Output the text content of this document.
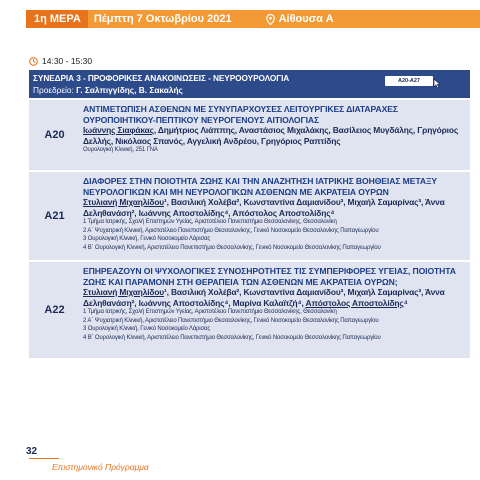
1η ΜΕΡΑ	Πέμπτη 7 Οκτωβρίου 2021	Αίθουσα Α
14:30 - 15:30
ΣΥΝΕΔΡΙΑ 3 - ΠΡΟΦΟΡΙΚΕΣ ΑΝΑΚΟΙΝΩΣΕΙΣ - ΝΕΥΡΟΟΥΡΟΛΟΓΙΑ
Προεδρείο: Γ. Σαλπιγγίδης, Β. Σακαλής
Α20-Α27
Α20
ΑΝΤΙΜΕΤΩΠΙΣΗ ΑΣΘΕΝΩΝ ΜΕ ΣΥΝΥΠΑΡΧΟΥΣΕΣ ΛΕΙΤΟΥΡΓΙΚΕΣ ΔΙΑΤΑΡΑΧΕΣ ΟΥΡΟΠΟΙΗΤΙΚΟΥ-ΠΕΠΤΙΚΟΥ ΝΕΥΡΟΓΕΝΟΥΣ ΑΙΤΙΟΛΟΓΙΑΣ
Ιωάννης Σιαφάκας, Δημήτριος Λιάππης, Αναστάσιος Μιχαλάκης, Βασίλειος Μυγδάλης, Γρηγόριος Δελλής, Νικόλαος Σπανός, Αγγελική Ανδρέου, Γρηγόριος Ραπτίδης
Ουρολογική Κλινική, 251 ΓΝΑ
Α21
ΔΙΑΦΟΡΕΣ ΣΤΗΝ ΠΟΙΟΤΗΤΑ ΖΩΗΣ ΚΑΙ ΤΗΝ ΑΝΑΖΗΤΗΣΗ ΙΑΤΡΙΚΗΣ ΒΟΗΘΕΙΑΣ ΜΕΤΑΞΥ ΝΕΥΡΟΛΟΓΙΚΩΝ ΚΑΙ ΜΗ ΝΕΥΡΟΛΟΓΙΚΩΝ ΑΣΘΕΝΩΝ ΜΕ ΑΚΡΑΤΕΙΑ ΟΥΡΩΝ
Στυλιανή Μιχαηλίδου¹, Βασιλική Χολέβα², Κωνσταντίνα Δαμιανίδου³, Μιχαήλ Σαμαρίνας³, Άννα Δεληθανάση², Ιωάννης Αποστολίδης⁴, Απόστολος Αποστολίδης⁴
1 Τμήμα Ιατρικής, Σχολή Επιστημών Υγείας, Αριστοτέλειο Πανεπιστήμιο Θεσσαλονίκης, Θεσσαλονίκη
2 Α΄ Ψυχιατρική Κλινική, Αριστοτέλειο Πανεπιστήμιο Θεσσαλονίκης, Γενικό Νοσοκομείο Θεσσαλονίκης Παπαγεωργίου
3 Ουρολογική Κλινική, Γενικό Νοσοκομείο Λάρισας
4 Β΄ Ουρολογική Κλινική, Αριστοτέλειο Πανεπιστήμιο Θεσσαλονίκης, Γενικό Νοσοκομείο Θεσσαλονίκης Παπαγεωργίου
Α22
ΕΠΗΡΕΑΖΟΥΝ ΟΙ ΨΥΧΟΛΟΓΙΚΕΣ ΣΥΝΟΣΗΡΟΤΗΤΕΣ ΤΙΣ ΣΥΜΠΕΡΙΦΟΡΕΣ ΥΓΕΙΑΣ, ΠΟΙΟΤΗΤΑ ΖΩΗΣ ΚΑΙ ΠΑΡΑΜΟΝΗ ΣΤΗ ΘΕΡΑΠΕΙΑ ΤΩΝ ΑΣΘΕΝΩΝ ΜΕ ΑΚΡΑΤΕΙΑ ΟΥΡΩΝ;
Στυλιανή Μιχαηλίδου¹, Βασιλική Χολέβα², Κωνσταντίνα Δαμιανίδου³, Μιχαήλ Σαμαρίνας³, Άννα Δεληθανάση², Ιωάννης Αποστολίδης⁴, Μαρίνα Καλαϊτζή⁴, Απόστολος Αποστολίδης⁴
1 Τμήμα Ιατρικής, Σχολή Επιστημών Υγείας, Αριστοτέλειο Πανεπιστήμιο Θεσσαλονίκης, Θεσσαλονίκη
2 Α΄ Ψυχιατρική Κλινική, Αριστοτέλειο Πανεπιστήμιο Θεσσαλονίκης, Γενικό Νοσοκομείο Θεσσαλονίκης Παπαγεωργίου
3 Ουρολογική Κλινική, Γενικό Νοσοκομείο Λάρισας
4 Β΄ Ουρολογική Κλινική, Αριστοτέλειο Πανεπιστήμιο Θεσσαλονίκης, Γενικό Νοσοκομείο Θεσσαλονίκης Παπαγεωργίου
32
Επιστημονικό Πρόγραμμα
